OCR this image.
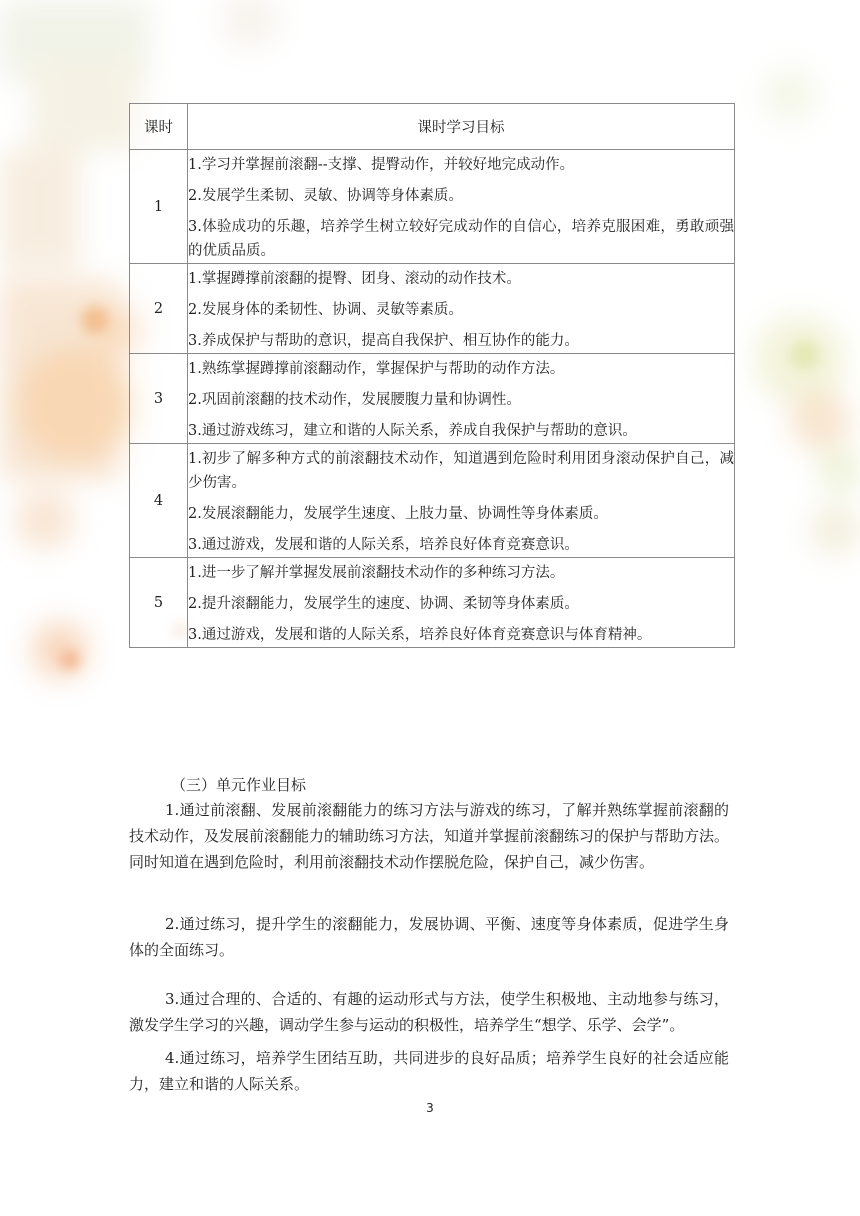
课时	课时学习目标
1	1.学习并掌握前滚翻--支撑、提臀动作，并较好地完成动作。
2.发展学生柔韧、灵敏、协调等身体素质。
3.体验成功的乐趣，培养学生树立较好完成动作的自信心，培养克服困难，勇敢顽强的优质品质。

2	1.掌握蹲撑前滚翻的提臀、团身、滚动的动作技术。
2.发展身体的柔韧性、协调、灵敏等素质。
3.养成保护与帮助的意识，提高自我保护、相互协作的能力。

3	1.熟练掌握蹲撑前滚翻动作，掌握保护与帮助的动作方法。
2.巩固前滚翻的技术动作，发展腰腹力量和协调性。
3.通过游戏练习，建立和谐的人际关系，养成自我保护与帮助的意识。

4	1.初步了解多种方式的前滚翻技术动作，知道遇到危险时利用团身滚动保护自己，减少伤害。
2.发展滚翻能力，发展学生速度、上肢力量、协调性等身体素质。
3.通过游戏，发展和谐的人际关系，培养良好体育竞赛意识。

5	1.进一步了解并掌握发展前滚翻技术动作的多种练习方法。
2.提升滚翻能力，发展学生的速度、协调、柔韧等身体素质。
3.通过游戏，发展和谐的人际关系，培养良好体育竞赛意识与体育精神。
（三）单元作业目标

1.通过前滚翻、发展前滚翻能力的练习方法与游戏的练习，了解并熟练掌握前滚翻的技术动作，及发展前滚翻能力的辅助练习方法，知道并掌握前滚翻练习的保护与帮助方法。同时知道在遇到危险时，利用前滚翻技术动作摆脱危险，保护自己，减少伤害。

2.通过练习，提升学生的滚翻能力，发展协调、平衡、速度等身体素质，促进学生身体的全面练习。

3.通过合理的、合适的、有趣的运动形式与方法，使学生积极地、主动地参与练习，激发学生学习的兴趣，调动学生参与运动的积极性，培养学生“想学、乐学、会学”。

4.通过练习，培养学生团结互助，共同进步的良好品质；培养学生良好的社会适应能力，建立和谐的人际关系。

3
